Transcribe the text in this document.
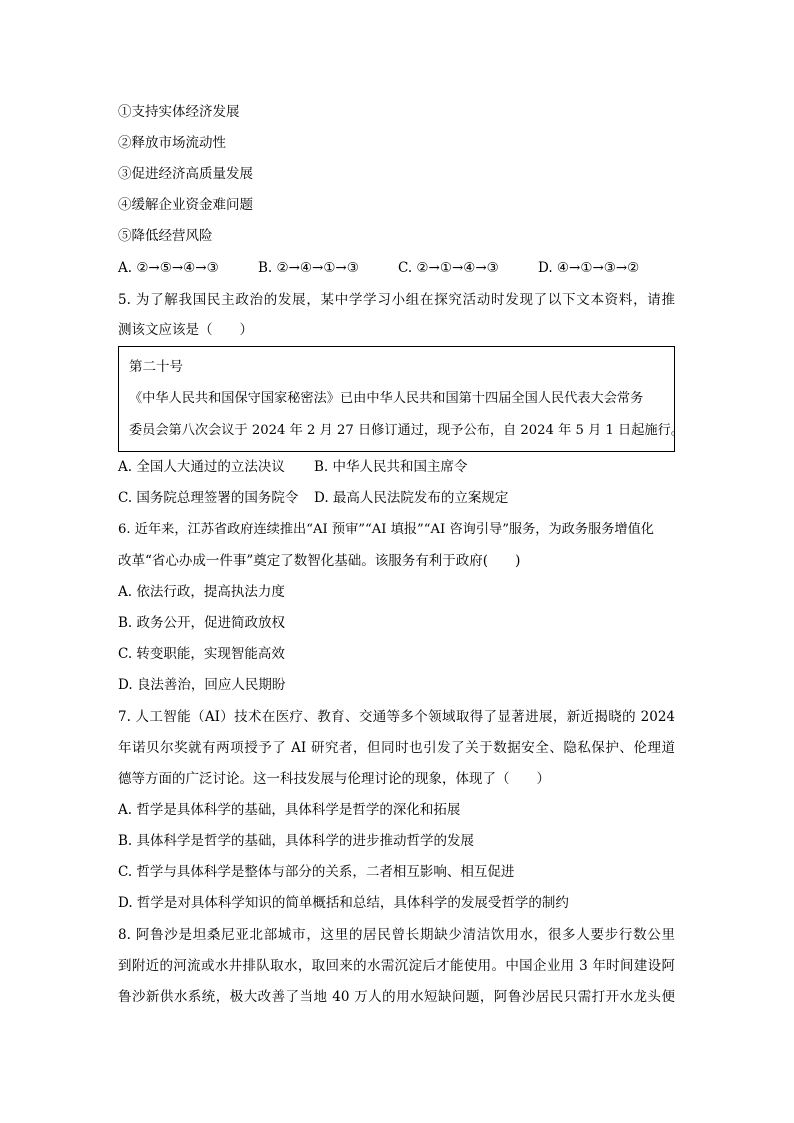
①支持实体经济发展
②释放市场流动性
③促进经济高质量发展
④缓解企业资金难问题
⑤降低经营风险
A. ②→⑤→④→③	B. ②→④→①→③	C. ②→①→④→③	D. ④→①→③→②
5. 为了解我国民主政治的发展，某中学学习小组在探究活动时发现了以下文本资料，请推
测该文应该是（　　）
第二十号
《中华人民共和国保守国家秘密法》已由中华人民共和国第十四届全国人民代表大会常务
委员会第八次会议于 2024 年 2 月 27 日修订通过，现予公布，自 2024 年 5 月 1 日起施行。
A. 全国人大通过的立法决议 B. 中华人民共和国主席令
C. 国务院总理签署的国务院令 D. 最高人民法院发布的立案规定
6. 近年来，江苏省政府连续推出“AI 预审”“AI 填报”“AI 咨询引导”服务，为政务服务增值化
改革“省心办成一件事”奠定了数智化基础。该服务有利于政府(　　)
A. 依法行政，提高执法力度
B. 政务公开，促进简政放权
C. 转变职能，实现智能高效
D. 良法善治，回应人民期盼
7. 人工智能（AI）技术在医疗、教育、交通等多个领域取得了显著进展，新近揭晓的 2024
年诺贝尔奖就有两项授予了 AI 研究者，但同时也引发了关于数据安全、隐私保护、伦理道
德等方面的广泛讨论。这一科技发展与伦理讨论的现象，体现了（　　）
A. 哲学是具体科学的基础，具体科学是哲学的深化和拓展
B. 具体科学是哲学的基础，具体科学的进步推动哲学的发展
C. 哲学与具体科学是整体与部分的关系，二者相互影响、相互促进
D. 哲学是对具体科学知识的简单概括和总结，具体科学的发展受哲学的制约
8. 阿鲁沙是坦桑尼亚北部城市，这里的居民曾长期缺少清洁饮用水，很多人要步行数公里
到附近的河流或水井排队取水，取回来的水需沉淀后才能使用。中国企业用 3 年时间建设阿
鲁沙新供水系统，极大改善了当地 40 万人的用水短缺问题，阿鲁沙居民只需打开水龙头便
